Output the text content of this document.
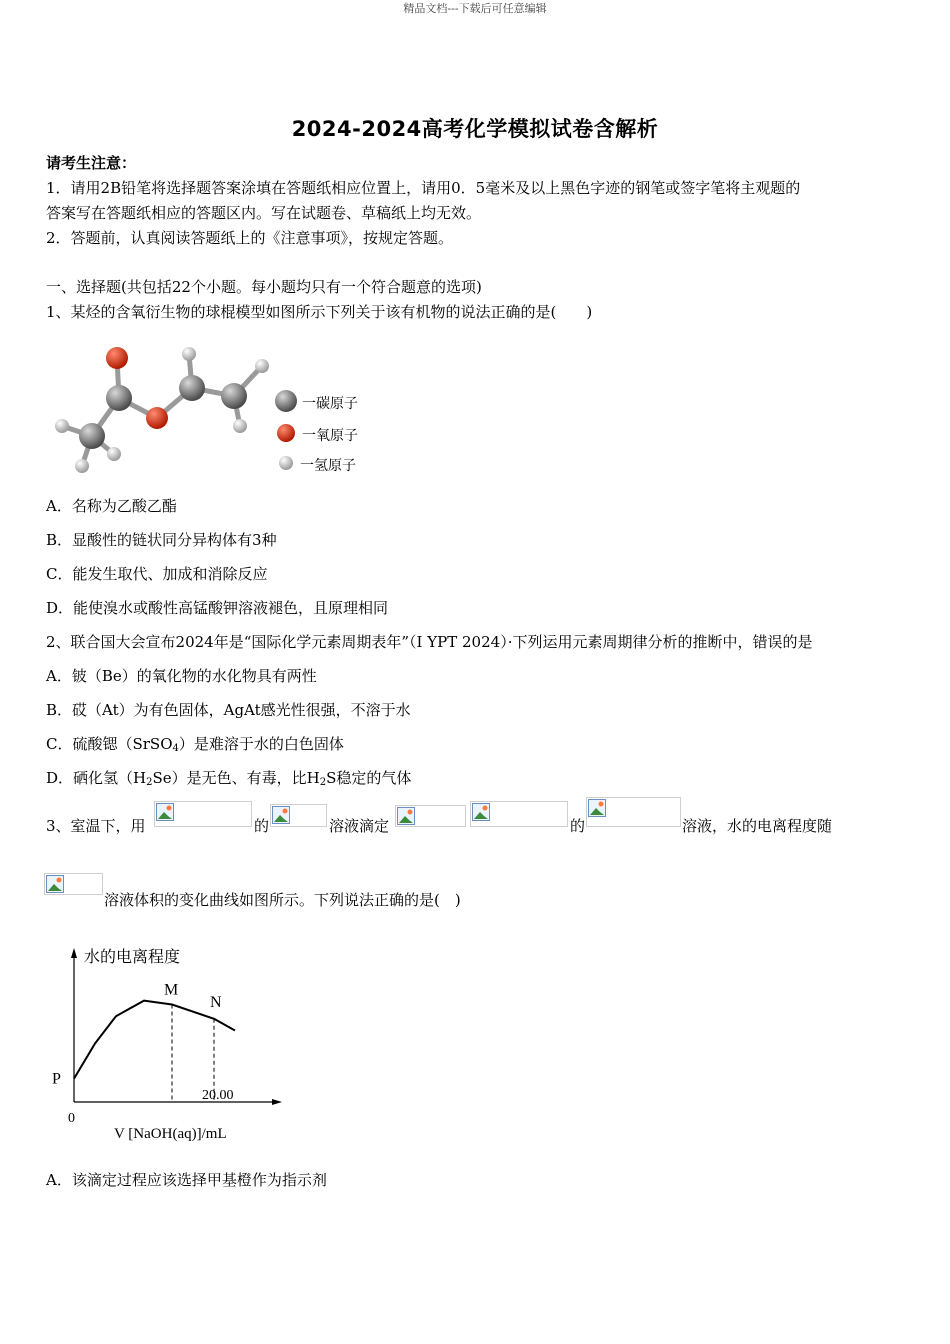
精品文档---下载后可任意编辑
2024-2024高考化学模拟试卷含解析
请考生注意：
1．请用2B铅笔将选择题答案涂填在答题纸相应位置上，请用0．5毫米及以上黑色字迹的钢笔或签字笔将主观题的
答案写在答题纸相应的答题区内。写在试题卷、草稿纸上均无效。
2．答题前，认真阅读答题纸上的《注意事项》，按规定答题。
一、选择题(共包括22个小题。每小题均只有一个符合题意的选项)
1、某烃的含氧衍生物的球棍模型如图所示下列关于该有机物的说法正确的是(　　)
一碳原子
一氧原子
一氢原子
A．名称为乙酸乙酯
B．显酸性的链状同分异构体有3种
C．能发生取代、加成和消除反应
D．能使溴水或酸性高锰酸钾溶液褪色，且原理相同
2、联合国大会宣布2024年是“国际化学元素周期表年”（I YPT 2024）·下列运用元素周期律分析的推断中，错误的是
A．铍（Be）的氧化物的水化物具有两性
B．砹（At）为有色固体，AgAt感光性很强，不溶于水
C．硫酸锶（SrSO$_4$）是难溶于水的白色固体
D．硒化氢$(H_2Se)$是无色、有毒，比$H_2S$稳定的气体
3、室温下，用	的	溶液滴定	的	溶液，水的电离程度随
溶液体积的变化曲线如图所示。下列说法正确的是(　)
水的电离程度
0
V [NaOH(aq)]/mL
M
N
P
20.00
A．该滴定过程应该选择甲基橙作为指示剂
